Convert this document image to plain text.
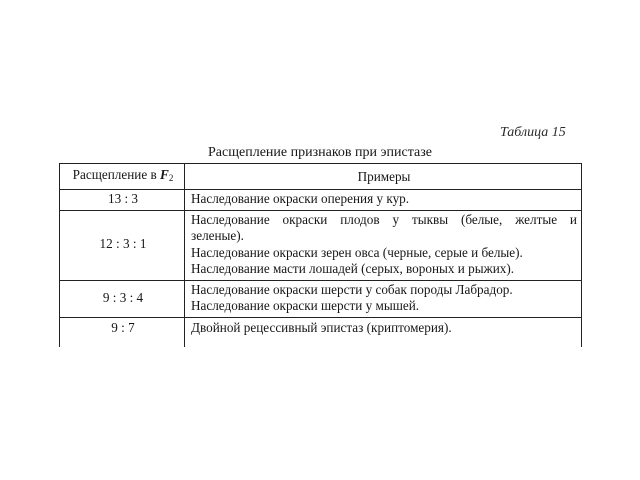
Таблица 15
Расщепление признаков при эпистазе
Расщепление в $F_2$	Примеры
13 : 3	Наследование окраски оперения у кур.

12 : 3 : 1	Наследование окраски плодов у тыквы (белые, желтые и
зеленые).
Наследование окраски зерен овса (черные, серые и белые).
Наследование масти лошадей (серых, вороных и рыжих).

9 : 3 : 4	Наследование окраски шерсти у собак породы Лабрадор.
Наследование окраски шерсти у мышей.

9 : 7	Двойной рецессивный эпистаз (криптомерия).
